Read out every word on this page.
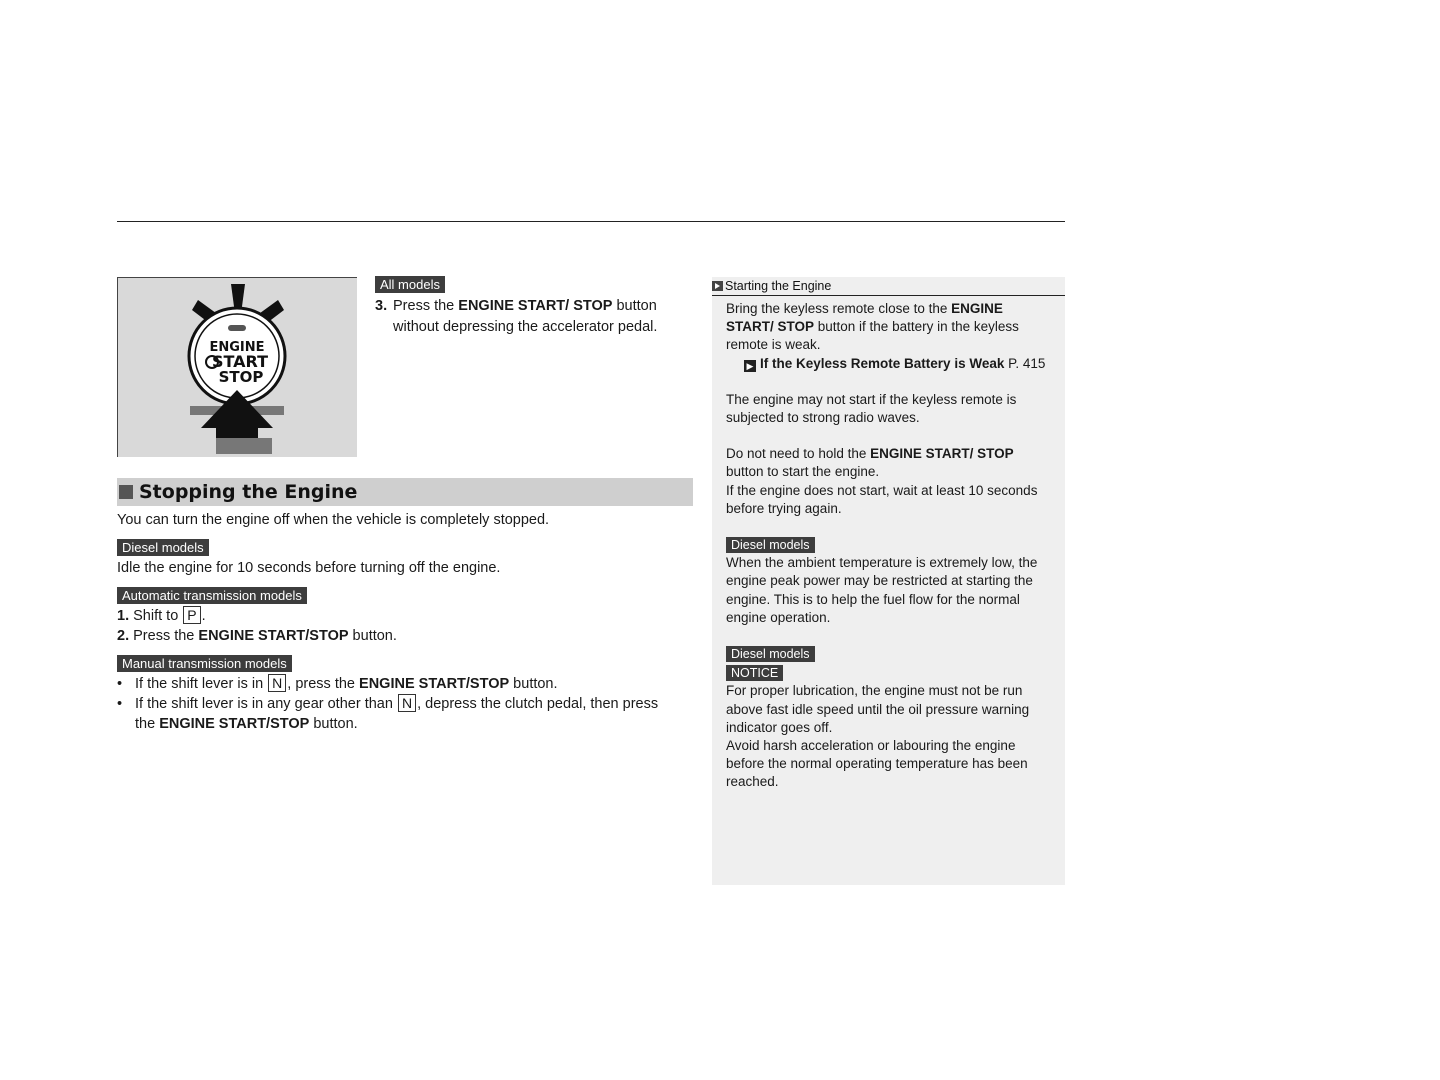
ENGINE
START
STOP
All models
3. Press the ENGINE START/ STOP button
without depressing the accelerator pedal.
Stopping the Engine

You can turn the engine off when the vehicle is completely stopped.

Diesel models

Idle the engine for 10 seconds before turning off the engine.

Automatic transmission models

1. Shift to P .

2. Press the ENGINE START/STOP button.

Manual transmission models
• If the shift lever is in N , press the ENGINE START/STOP button.
• If the shift lever is in any gear other than N , depress the clutch pedal, then press
the ENGINE START/STOP button.
Starting the Engine

Bring the keyless remote close to the ENGINE START/ STOP button if the battery in the keyless remote is weak.

▶ If the Keyless Remote Battery is Weak P. 415

The engine may not start if the keyless remote is subjected to strong radio waves.

Do not need to hold the ENGINE START/ STOP button to start the engine.

If the engine does not start, wait at least 10 seconds before trying again.

Diesel models

When the ambient temperature is extremely low, the engine peak power may be restricted at starting the engine. This is to help the fuel flow for the normal engine operation.

Diesel models
NOTICE

For proper lubrication, the engine must not be run above fast idle speed until the oil pressure warning indicator goes off.

Avoid harsh acceleration or labouring the engine before the normal operating temperature has been reached.
